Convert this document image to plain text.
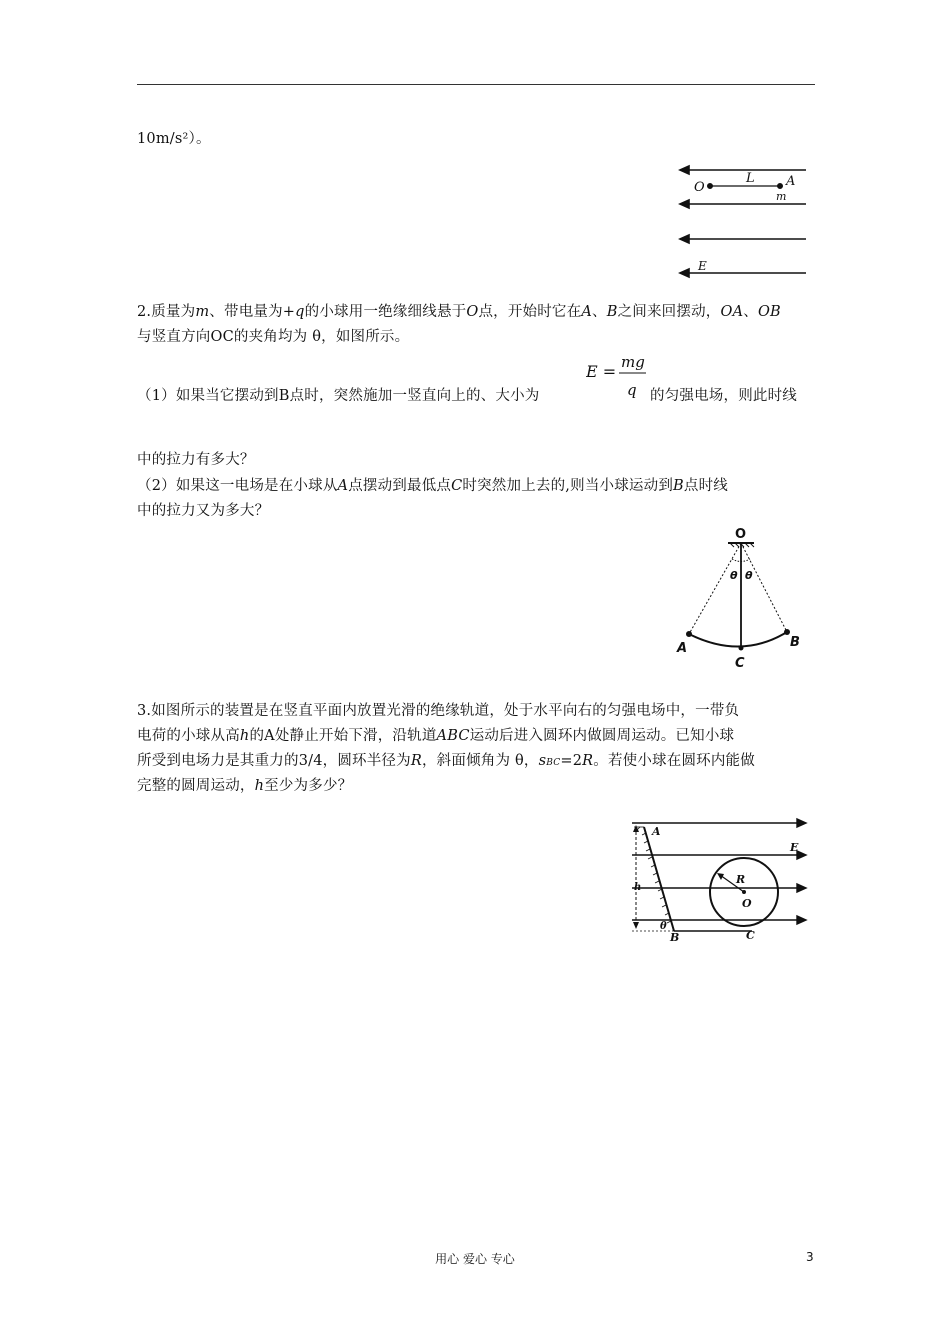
10m/s²）。
O
L A
m
E
2.质量为m、带电量为+q的小球用一绝缘细线悬于O点，开始时它在A、B之间来回摆动，OA、OB
与竖直方向OC的夹角均为 θ，如图所示。
（1）如果当它摆动到B点时，突然施加一竖直向上的、大小为
E = mg
q 的匀强电场，则此时线
中的拉力有多大？
（2）如果这一电场是在小球从A点摆动到最低点C时突然加上去的,则当小球运动到B点时线
中的拉力又为多大？
O
A	B
C
θ θ
3.如图所示的装置是在竖直平面内放置光滑的绝缘轨道，处于水平向右的匀强电场中，一带负
电荷的小球从高h的A处静止开始下滑，沿轨道ABC运动后进入圆环内做圆周运动。已知小球
所受到电场力是其重力的3/4，圆环半径为R，斜面倾角为 θ，sBC=2R。若使小球在圆环内能做
完整的圆周运动，h至少为多少？
A
B	C
E
R
O
h
θ
用心 爱心 专心	3
